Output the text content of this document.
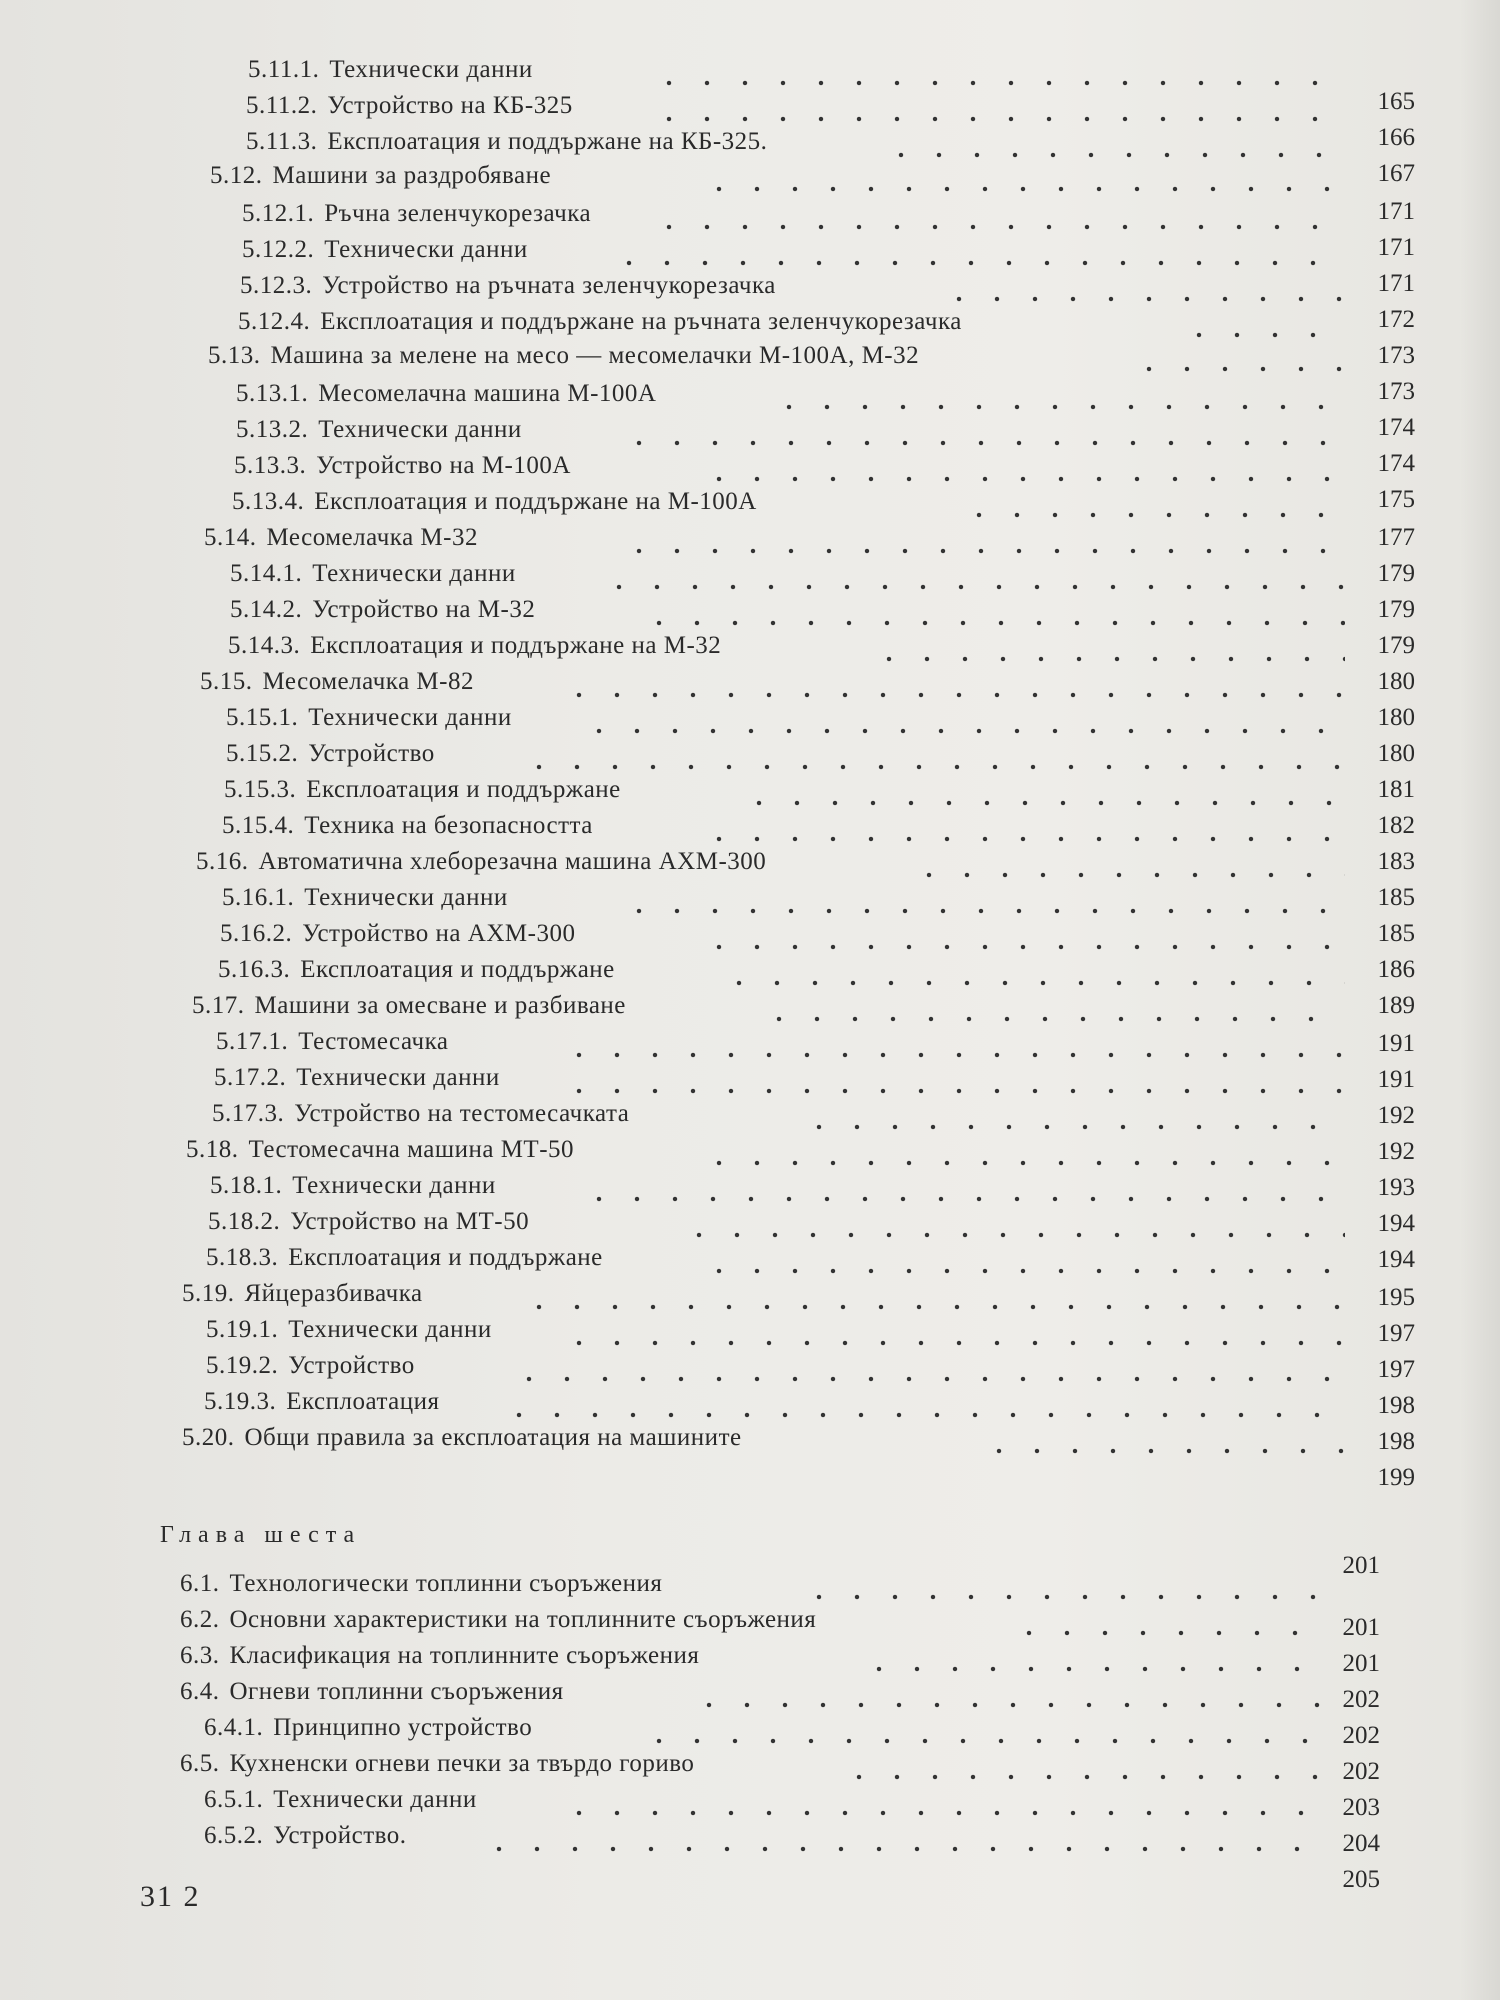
5.11.1. Технически данни
5.11.2. Устройство на КБ-325
5.11.3. Експлоатация и поддържане на КБ-325.
5.12. Машини за раздробяване
5.12.1. Ръчна зеленчукорезачка
5.12.2. Технически данни
5.12.3. Устройство на ръчната зеленчукорезачка
5.12.4. Експлоатация и поддържане на ръчната зеленчукорезачка
5.13. Машина за мелене на месо — месомелачки М-100А, М-32
5.13.1. Месомелачна машина М-100А
5.13.2. Технически данни
5.13.3. Устройство на М-100А
5.13.4. Експлоатация и поддържане на М-100А
5.14. Месомелачка М-32
5.14.1. Технически данни
5.14.2. Устройство на М-32
5.14.3. Експлоатация и поддържане на М-32
5.15. Месомелачка М-82
5.15.1. Технически данни
5.15.2. Устройство
5.15.3. Експлоатация и поддържане
5.15.4. Техника на безопасността
5.16. Автоматична хлеборезачна машина АХМ-300
5.16.1. Технически данни
5.16.2. Устройство на АХМ-300
5.16.3. Експлоатация и поддържане
5.17. Машини за омесване и разбиване
5.17.1. Тестомесачка
5.17.2. Технически данни
5.17.3. Устройство на тестомесачката
5.18. Тестомесачна машина МТ-50
5.18.1. Технически данни
5.18.2. Устройство на МТ-50
5.18.3. Експлоатация и поддържане
5.19. Яйцеразбивачка
5.19.1. Технически данни
5.19.2. Устройство
5.19.3. Експлоатация
5.20. Общи правила за експлоатация на машините
6.1. Технологически топлинни съоръжения
6.2. Основни характеристики на топлинните съоръжения
6.3. Класификация на топлинните съоръжения
6.4. Огневи топлинни съоръжения
6.4.1. Принципно устройство
6.5. Кухненски огневи печки за твърдо гориво
6.5.1. Технически данни
6.5.2. Устройство.
Глава шеста
165
166
167
171
171
171
172
173
173
174
174
175
177
179
179
179
180
180
180
181
182
183
185
185
186
189
191
191
192
192
193
194
194
195
197
197
198
198
199
201
201
201
202
202
202
203
204
205
31 2
